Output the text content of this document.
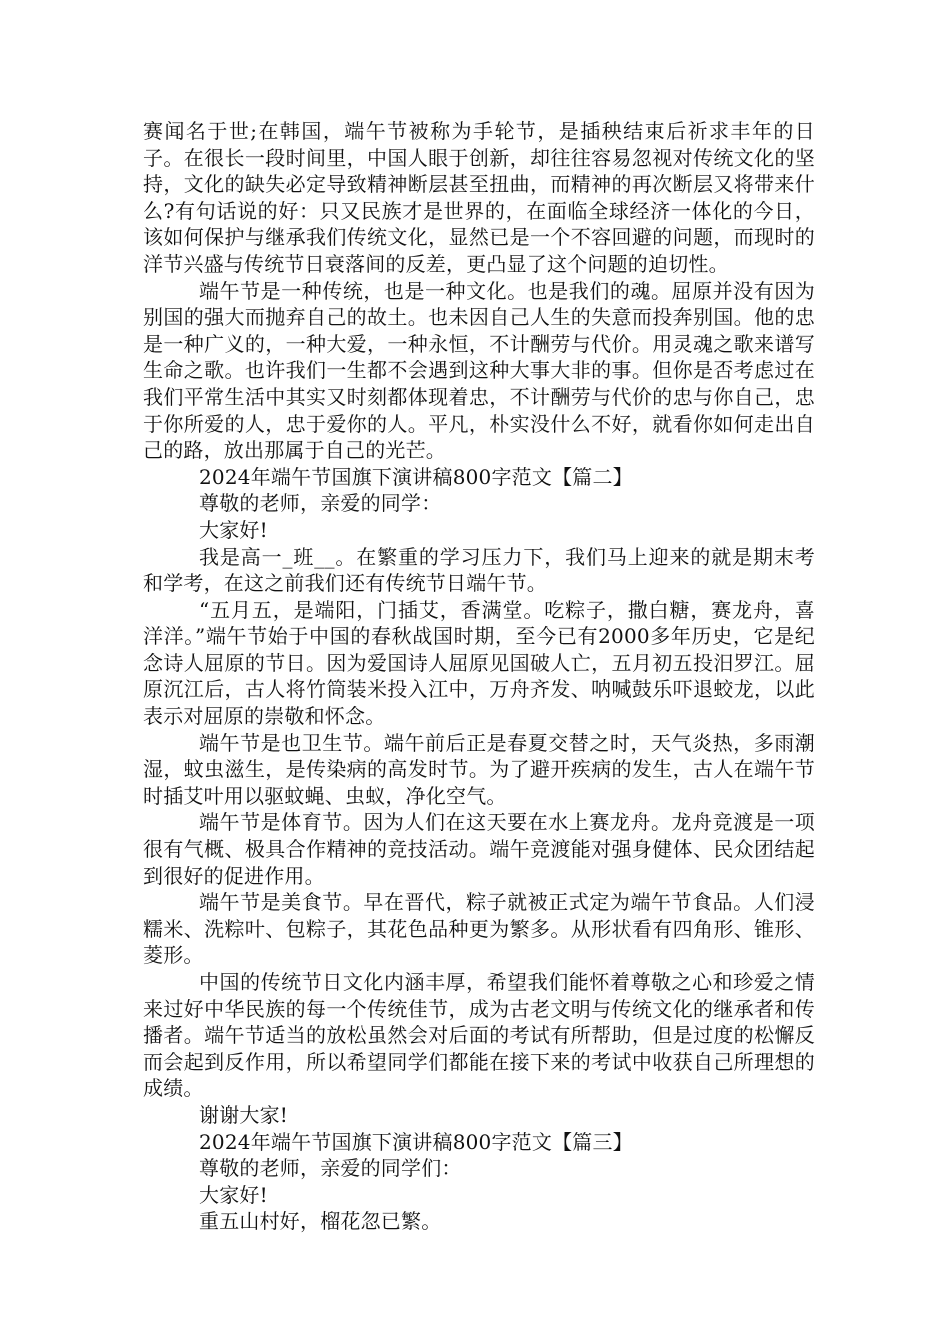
赛闻名于世;在韩国，端午节被称为手轮节，是插秧结束后祈求丰年的日子。在很长一段时间里，中国人眼于创新，却往往容易忽视对传统文化的坚持，文化的缺失必定导致精神断层甚至扭曲，而精神的再次断层又将带来什么?有句话说的好：只又民族才是世界的，在面临全球经济一体化的今日，该如何保护与继承我们传统文化，显然已是一个不容回避的问题，而现时的洋节兴盛与传统节日衰落间的反差，更凸显了这个问题的迫切性。

端午节是一种传统，也是一种文化。也是我们的魂。屈原并没有因为别国的强大而抛弃自己的故土。也未因自己人生的失意而投奔别国。他的忠是一种广义的，一种大爱，一种永恒，不计酬劳与代价。用灵魂之歌来谱写生命之歌。也许我们一生都不会遇到这种大事大非的事。但你是否考虑过在我们平常生活中其实又时刻都体现着忠，不计酬劳与代价的忠与你自己，忠于你所爱的人，忠于爱你的人。平凡，朴实没什么不好，就看你如何走出自己的路，放出那属于自己的光芒。

2024年端午节国旗下演讲稿800字范文【篇二】

尊敬的老师，亲爱的同学：

大家好!

我是高一_班__。在繁重的学习压力下，我们马上迎来的就是期末考和学考，在这之前我们还有传统节日端午节。

“五月五，是端阳，门插艾，香满堂。吃粽子，撒白糖，赛龙舟，喜洋洋。”端午节始于中国的春秋战国时期，至今已有2000多年历史，它是纪念诗人屈原的节日。因为爱国诗人屈原见国破人亡，五月初五投汨罗江。屈原沉江后，古人将竹筒装米投入江中，万舟齐发、呐喊鼓乐吓退蛟龙，以此表示对屈原的崇敬和怀念。

端午节是也卫生节。端午前后正是春夏交替之时，天气炎热，多雨潮湿，蚊虫滋生，是传染病的高发时节。为了避开疾病的发生，古人在端午节时插艾叶用以驱蚊蝇、虫蚁，净化空气。

端午节是体育节。因为人们在这天要在水上赛龙舟。龙舟竞渡是一项很有气概、极具合作精神的竞技活动。端午竞渡能对强身健体、民众团结起到很好的促进作用。

端午节是美食节。早在晋代，粽子就被正式定为端午节食品。人们浸糯米、洗粽叶、包粽子，其花色品种更为繁多。从形状看有四角形、锥形、菱形。

中国的传统节日文化内涵丰厚，希望我们能怀着尊敬之心和珍爱之情来过好中华民族的每一个传统佳节，成为古老文明与传统文化的继承者和传播者。端午节适当的放松虽然会对后面的考试有所帮助，但是过度的松懈反而会起到反作用，所以希望同学们都能在接下来的考试中收获自己所理想的成绩。

谢谢大家!

2024年端午节国旗下演讲稿800字范文【篇三】

尊敬的老师，亲爱的同学们：

大家好!

重五山村好，榴花忽已繁。
